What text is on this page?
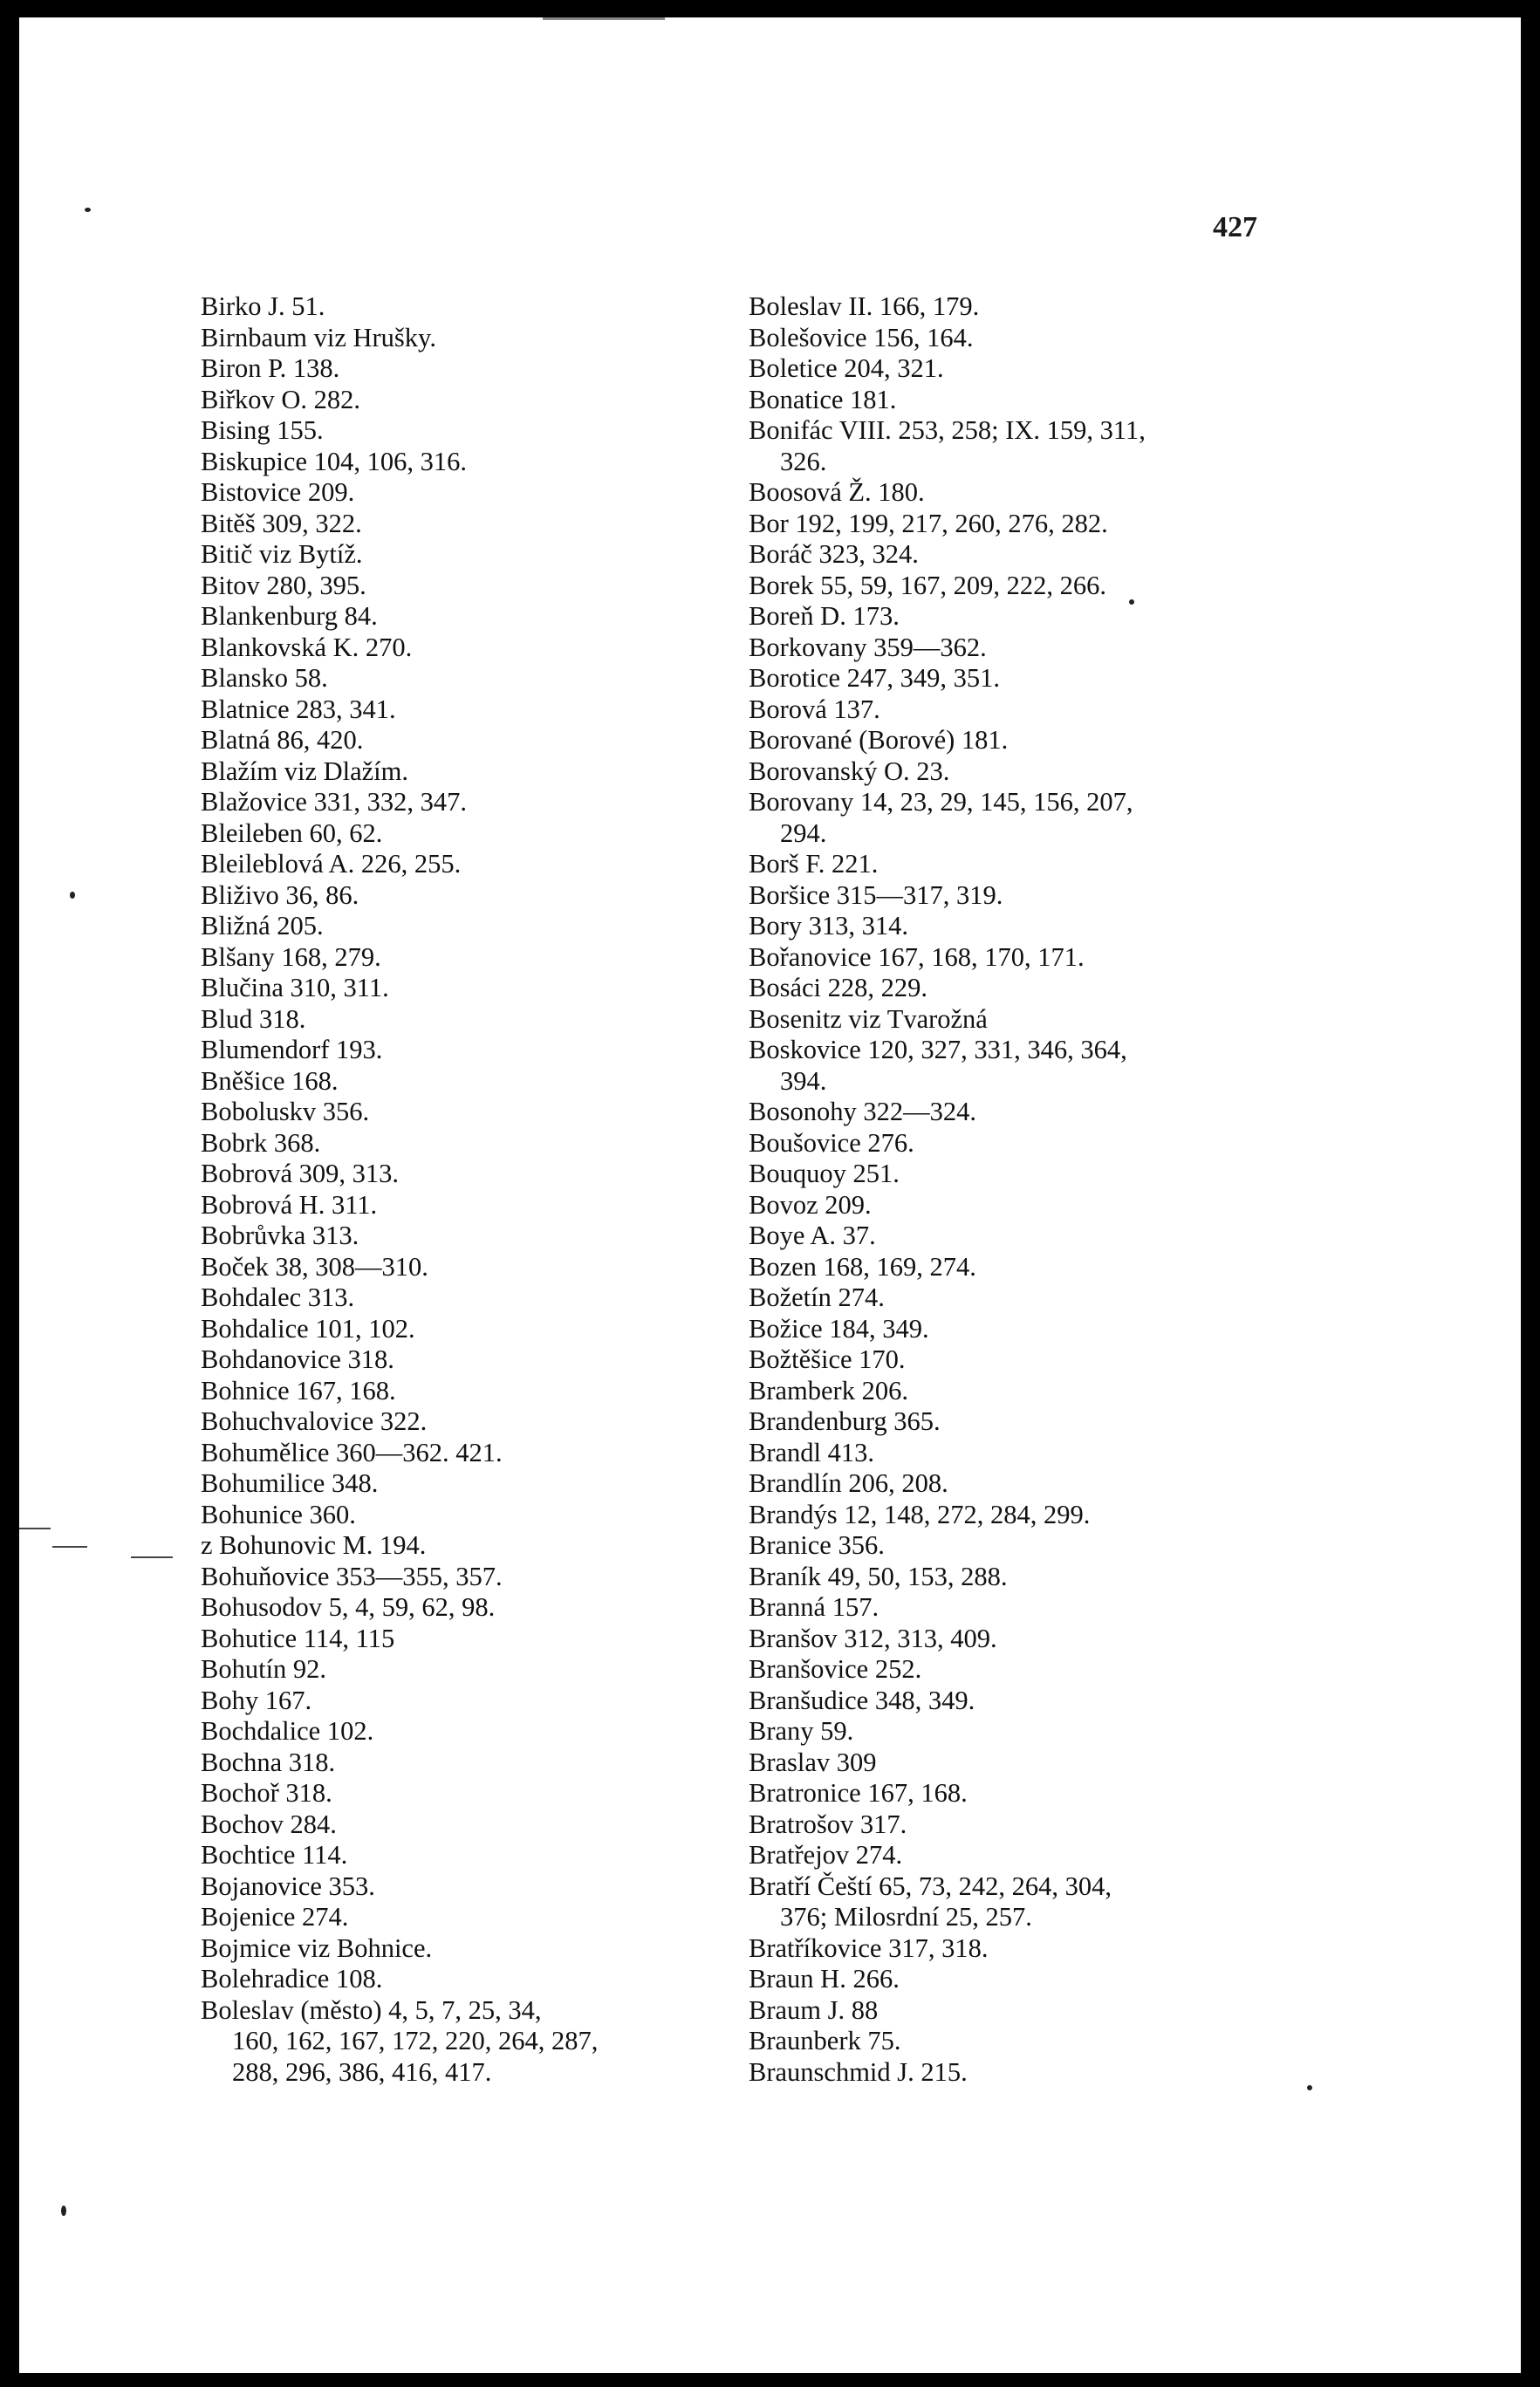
427
Birko J. 51.
Birnbaum viz Hrušky.
Biron P. 138.
Biřkov O. 282.
Bising 155.
Biskupice 104, 106, 316.
Bistovice 209.
Bitěš 309, 322.
Bitič viz Bytíž.
Bitov 280, 395.
Blankenburg 84.
Blankovská K. 270.
Blansko 58.
Blatnice 283, 341.
Blatná 86, 420.
Blažím viz Dlažím.
Blažovice 331, 332, 347.
Bleileben 60, 62.
Bleileblová A. 226, 255.
Bliživo 36, 86.
Bližná 205.
Blšany 168, 279.
Blučina 310, 311.
Blud 318.
Blumendorf 193.
Bněšice 168.
Boboluskv 356.
Bobrk 368.
Bobrová 309, 313.
Bobrová H. 311.
Bobrůvka 313.
Boček 38, 308—310.
Bohdalec 313.
Bohdalice 101, 102.
Bohdanovice 318.
Bohnice 167, 168.
Bohuchvalovice 322.
Bohumělice 360—362. 421.
Bohumilice 348.
Bohunice 360.
z Bohunovic M. 194.
Bohuňovice 353—355, 357.
Bohusodov 5, 4, 59, 62, 98.
Bohutice 114, 115
Bohutín 92.
Bohy 167.
Bochdalice 102.
Bochna 318.
Bochoř 318.
Bochov 284.
Bochtice 114.
Bojanovice 353.
Bojenice 274.
Bojmice viz Bohnice.
Bolehradice 108.
Boleslav (město) 4, 5, 7, 25, 34,
160, 162, 167, 172, 220, 264, 287,
288, 296, 386, 416, 417.
Boleslav II. 166, 179.
Bolešovice 156, 164.
Boletice 204, 321.
Bonatice 181.
Bonifác VIII. 253, 258; IX. 159, 311,
326.
Boosová Ž. 180.
Bor 192, 199, 217, 260, 276, 282.
Boráč 323, 324.
Borek 55, 59, 167, 209, 222, 266.
Boreň D. 173.
Borkovany 359—362.
Borotice 247, 349, 351.
Borová 137.
Borované (Borové) 181.
Borovanský O. 23.
Borovany 14, 23, 29, 145, 156, 207,
294.
Borš F. 221.
Boršice 315—317, 319.
Bory 313, 314.
Bořanovice 167, 168, 170, 171.
Bosáci 228, 229.
Bosenitz viz Tvarožná
Boskovice 120, 327, 331, 346, 364,
394.
Bosonohy 322—324.
Boušovice 276.
Bouquoy 251.
Bovoz 209.
Boye A. 37.
Bozen 168, 169, 274.
Božetín 274.
Božice 184, 349.
Božtěšice 170.
Bramberk 206.
Brandenburg 365.
Brandl 413.
Brandlín 206, 208.
Brandýs 12, 148, 272, 284, 299.
Branice 356.
Braník 49, 50, 153, 288.
Branná 157.
Branšov 312, 313, 409.
Branšovice 252.
Branšudice 348, 349.
Brany 59.
Braslav 309
Bratronice 167, 168.
Bratrošov 317.
Bratřejov 274.
Bratří Čeští 65, 73, 242, 264, 304,
376; Milosrdní 25, 257.
Bratříkovice 317, 318.
Braun H. 266.
Braum J. 88
Braunberk 75.
Braunschmid J. 215.
